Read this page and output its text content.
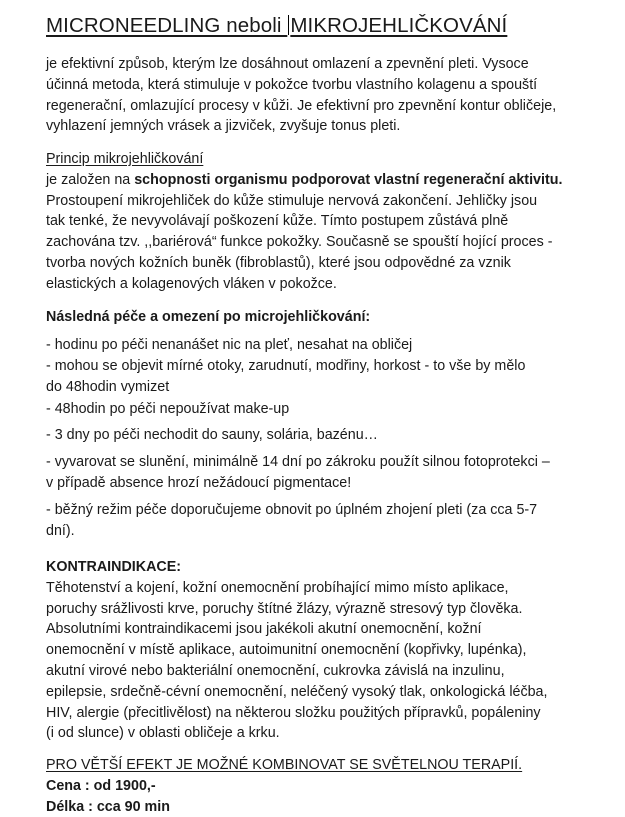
MICRONEEDLING neboli MIKROJEHLIČKOVÁNÍ
je efektivní způsob, kterým lze dosáhnout omlazení a zpevnění pleti. Vysoce
účinná metoda, která stimuluje v pokožce tvorbu vlastního kolagenu a spouští
regenerační, omlazující procesy v kůži. Je efektivní pro zpevnění kontur obličeje,
vyhlazení jemných vrásek a jizviček, zvyšuje tonus pleti.
Princip mikrojehličkování
je založen na schopnosti organismu podporovat vlastní regenerační aktivitu.
Prostoupení mikrojehliček do kůže stimuluje nervová zakončení. Jehličky jsou
tak tenké, že nevyvolávají poškození kůže. Tímto postupem zůstává plně
zachována tzv. ,,bariérová“ funkce pokožky. Současně se spouští hojící proces -
tvorba nových kožních buněk (fibroblastů), které jsou odpovědné za vznik
elastických a kolagenových vláken v pokožce.
Následná péče a omezení po microjehličkování:
- hodinu po péči nenanášet nic na pleť, nesahat na obličej
- mohou se objevit mírné otoky, zarudnutí, modřiny, horkost - to vše by mělo
do 48hodin vymizet
- 48hodin po péči nepoužívat make-up
- 3 dny po péči nechodit do sauny, solária, bazénu…
- vyvarovat se slunění, minimálně 14 dní po zákroku použít silnou fotoprotekci –
v případě absence hrozí nežádoucí pigmentace!
- běžný režim péče doporučujeme obnovit po úplném zhojení pleti (za cca 5-7
dní).
KONTRAINDIKACE:
Těhotenství a kojení, kožní onemocnění probíhající mimo místo aplikace,
poruchy srážlivosti krve, poruchy štítné žlázy, výrazně stresový typ člověka.
Absolutními kontraindikacemi jsou jakékoli akutní onemocnění, kožní
onemocnění v místě aplikace, autoimunitní onemocnění (kopřivky, lupénka),
akutní virové nebo bakteriální onemocnění, cukrovka závislá na inzulinu,
epilepsie, srdečně-cévní onemocnění, neléčený vysoký tlak, onkologická léčba,
HIV, alergie (přecitlivělost) na některou složku použitých přípravků, popáleniny
(i od slunce) v oblasti obličeje a krku.
PRO VĚTŠÍ EFEKT JE MOŽNÉ KOMBINOVAT SE SVĚTELNOU TERAPIÍ.
Cena : od 1900,-
Délka : cca 90 min
